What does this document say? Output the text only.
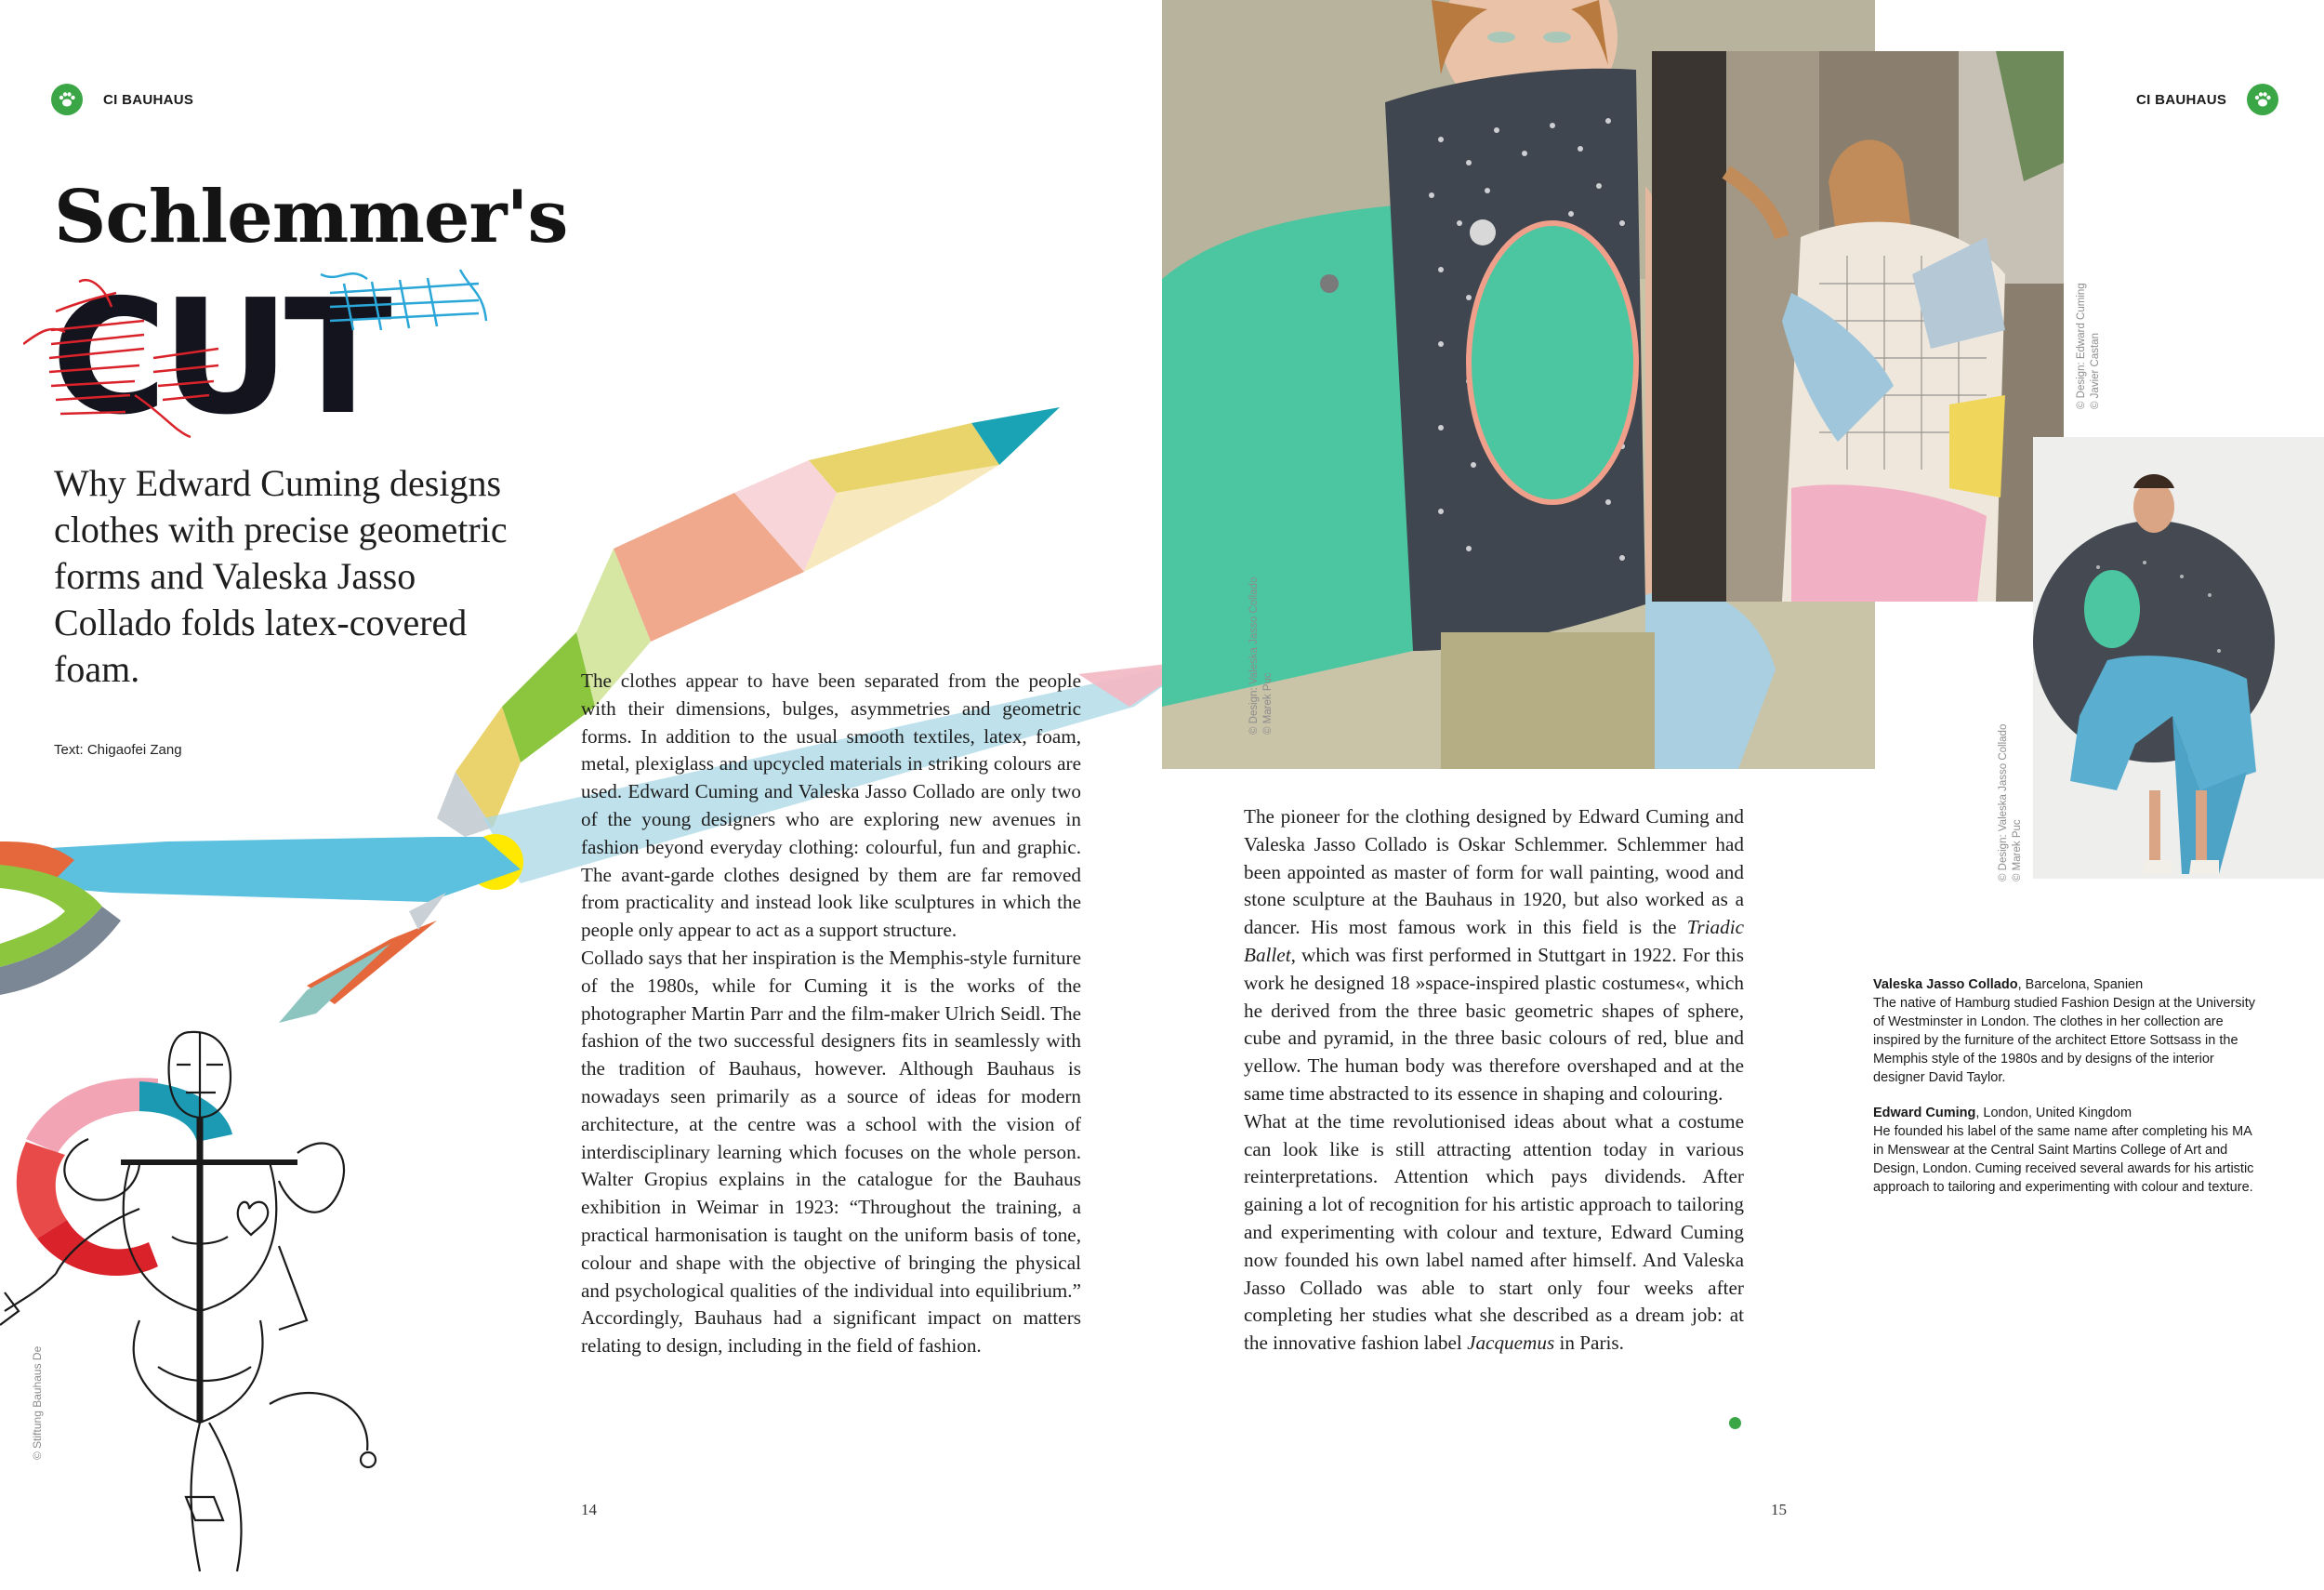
CI BAUHAUS
Schlemmer's
CUT
Why Edward Cuming designs clothes with precise geometric forms and Valeska Jasso Collado folds latex-covered foam.
Text: Chigaofei Zang
© Stiftung Bauhaus De

The clothes appear to have been separated from the people with their dimensions, bulges, asymmetries and geometric forms. In addition to the usual smooth textiles, latex, foam, metal, plexiglass and upcycled materials in striking colours are used. Edward Cuming and Valeska Jasso Collado are only two of the young designers who are exploring new avenues in fashion beyond everyday clothing: colourful, fun and graphic. The avant-garde clothes designed by them are far removed from practicality and instead look like sculptures in which the people only appear to act as a support structure.

Collado says that her inspiration is the Memphis-style furniture of the 1980s, while for Cuming it is the works of the photographer Martin Parr and the film-maker Ulrich Seidl. The fashion of the two successful designers fits in seamlessly with the tradition of Bauhaus, however. Although Bauhaus is nowadays seen primarily as a source of ideas for modern architecture, at the centre was a school with the vision of interdisciplinary learning which focuses on the whole person. Walter Gropius explains in the catalogue for the Bauhaus exhibition in Weimar in 1923: “Throughout the training, a practical harmonisation is taught on the uniform basis of tone, colour and shape with the objective of bringing the physical and psychological qualities of the individual into equilibrium.” Accordingly, Bauhaus had a significant impact on matters relating to design, including in the field of fashion.

14
CI BAUHAUS
© Design: Valeska Jasso Collado © Marek Puc
© Design: Edward Cuming © Javier Castan
© Design: Valeska Jasso Collado © Marek Puc

The pioneer for the clothing designed by Edward Cuming and Valeska Jasso Collado is Oskar Schlemmer. Schlemmer had been appointed as master of form for wall painting, wood and stone sculpture at the Bauhaus in 1920, but also worked as a dancer. His most famous work in this field is the Triadic Ballet, which was first performed in Stuttgart in 1922. For this work he designed 18 »space-inspired plastic costumes«, which he derived from the three basic geometric shapes of sphere, cube and pyramid, in the three basic colours of red, blue and yellow. The human body was therefore overshaped and at the same time abstracted to its essence in shaping and colouring.

What at the time revolutionised ideas about what a costume can look like is still attracting attention today in various reinterpretations. Attention which pays dividends. After gaining a lot of recognition for his artistic approach to tailoring and experimenting with colour and texture, Edward Cuming now founded his own label named after himself. And Valeska Jasso Collado was able to start only four weeks after completing her studies what she described as a dream job: at the innovative fashion label Jacquemus in Paris.

15
Valeska Jasso Collado, Barcelona, Spanien
The native of Hamburg studied Fashion Design at the University of Westminster in London. The clothes in her collection are inspired by the furniture of the architect Ettore Sottsass in the Memphis style of the 1980s and by designs of the interior designer David Taylor.
Edward Cuming, London, United Kingdom
He founded his label of the same name after completing his MA in Menswear at the Central Saint Martins College of Art and Design, London. Cuming received several awards for his artistic approach to tailoring and experimenting with colour and texture.
